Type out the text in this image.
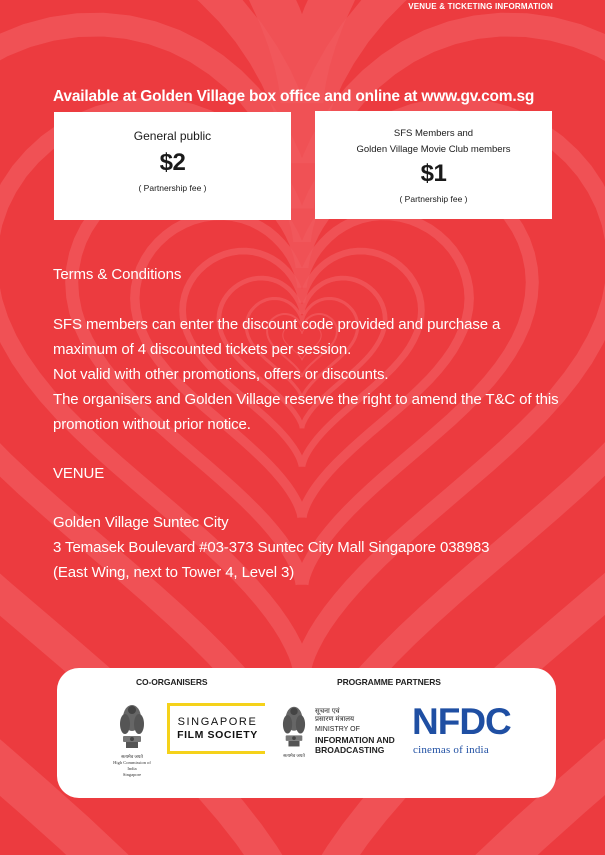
VENUE & TICKETING INFORMATION
Available at Golden Village box office and online at www.gv.com.sg
General public
$2
( Partnership fee )
SFS Members and
Golden Village Movie Club members
$1
( Partnership fee )
Terms & Conditions
SFS members can enter the discount code provided and purchase a maximum of 4 discounted tickets per session.
Not valid with other promotions, offers or discounts.
The organisers and Golden Village reserve the right to amend the T&C of this promotion without prior notice.
VENUE
Golden Village Suntec City
3 Temasek Boulevard #03-373 Suntec City Mall Singapore 038983
(East Wing, next to Tower 4, Level 3)
CO-ORGANISERS	PROGRAMME PARTNERS
सत्यमेव जयते
High Commission of India
Singapore
SINGAPORE
FILM SOCIETY
सत्यमेव जयते
सूचना एवं
प्रसारण मंत्रालय
MINISTRY OF
INFORMATION AND
BROADCASTING
NFDC
cinemas of india
